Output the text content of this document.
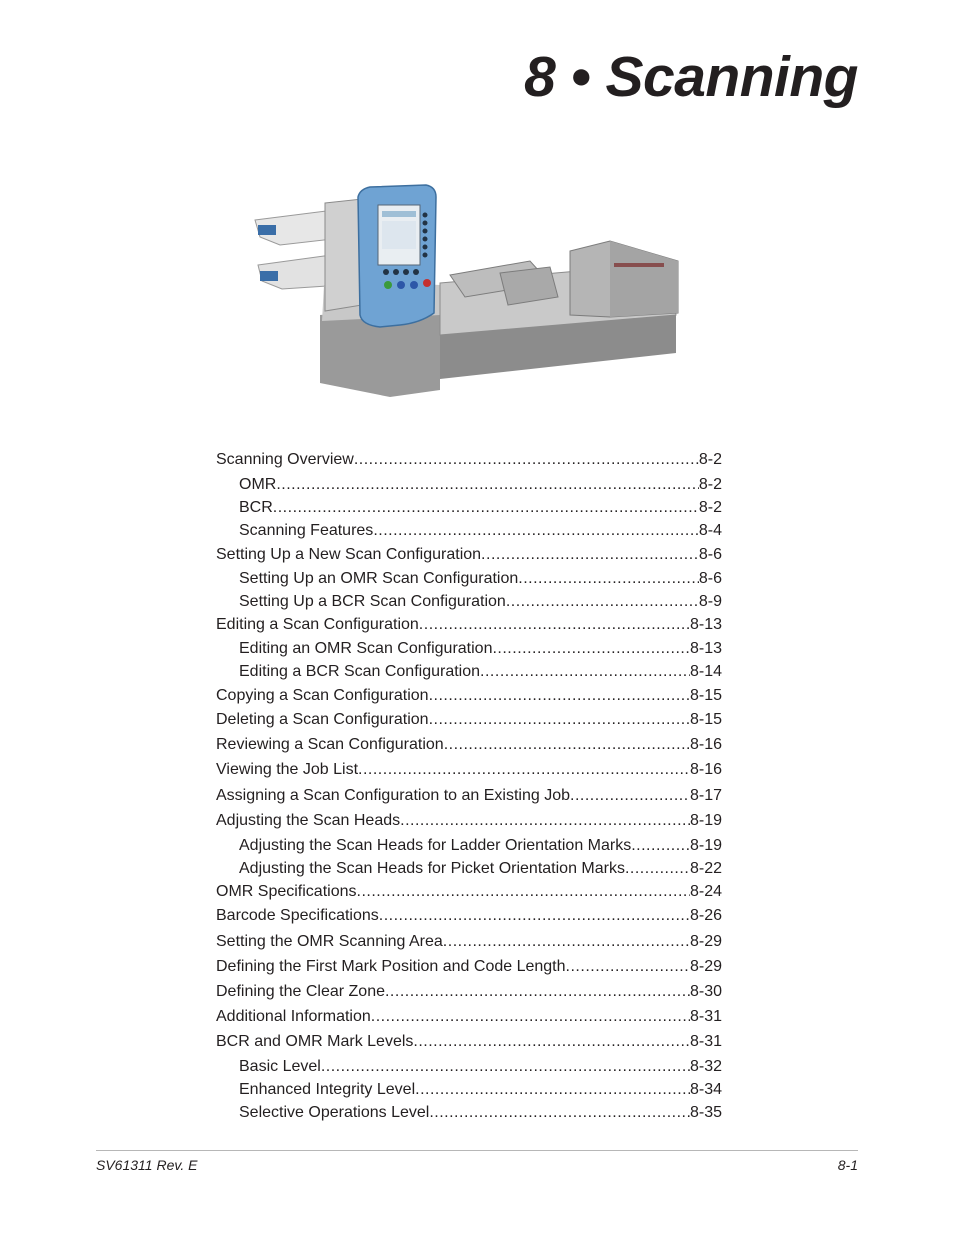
8 • Scanning
Scanning Overview .....	8-2
OMR .....	8-2
BCR .....	8-2
Scanning Features .....	8-4
Setting Up a New Scan Configuration .....	8-6
Setting Up an OMR Scan Configuration .....	8-6
Setting Up a BCR Scan Configuration .....	8-9
Editing a Scan Configuration .....	8-13
Editing an OMR Scan Configuration .....	8-13
Editing a BCR Scan Configuration .....	8-14
Copying a Scan Configuration .....	8-15
Deleting a Scan Configuration .....	8-15
Reviewing a Scan Configuration .....	8-16
Viewing the Job List .....	8-16
Assigning a Scan Configuration to an Existing Job .....	8-17
Adjusting the Scan Heads .....	8-19
Adjusting the Scan Heads for Ladder Orientation Marks .....	8-19
Adjusting the Scan Heads for Picket Orientation Marks .....	8-22
OMR Specifications .....	8-24
Barcode Specifications .....	8-26
Setting the OMR Scanning Area .....	8-29
Defining the First Mark Position and Code Length .....	8-29
Defining the Clear Zone .....	8-30
Additional Information .....	8-31
BCR and OMR Mark Levels .....	8-31
Basic Level .....	8-32
Enhanced Integrity Level .....	8-34
Selective Operations Level .....	8-35
SV61311 Rev. E	8-1
